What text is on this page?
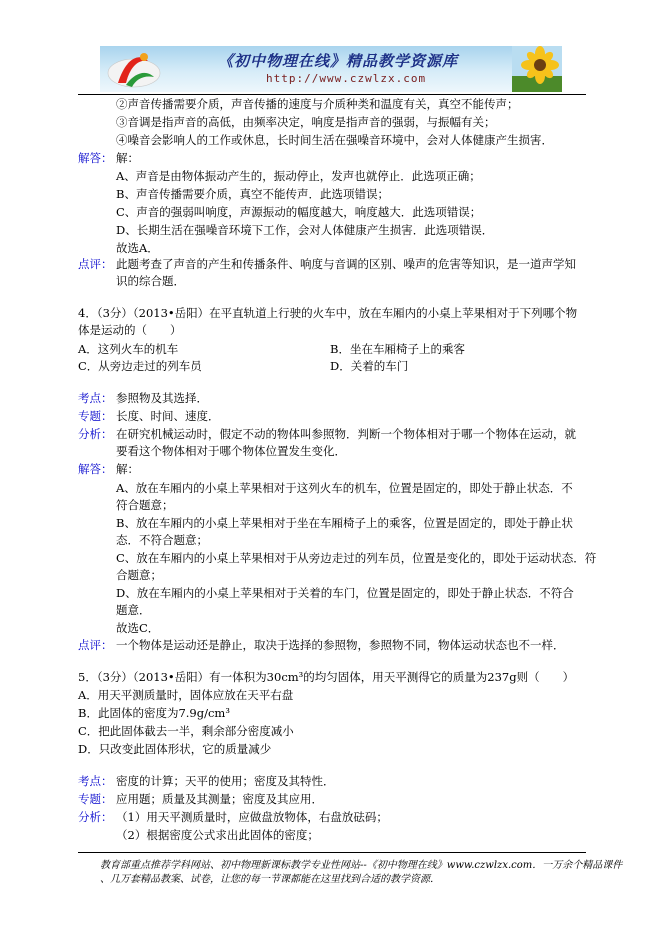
《初中物理在线》精品教学资源库
http://www.czwlzx.com
②声音传播需要介质，声音传播的速度与介质种类和温度有关，真空不能传声；
③音调是指声音的高低，由频率决定，响度是指声音的强弱，与振幅有关；
④噪音会影响人的工作或休息，长时间生活在强噪音环境中，会对人体健康产生损害．
解答： 解：
A、声音是由物体振动产生的，振动停止，发声也就停止．此选项正确；
B、声音传播需要介质，真空不能传声．此选项错误；
C、声音的强弱叫响度，声源振动的幅度越大，响度越大．此选项错误；
D、长期生活在强噪音环境下工作，会对人体健康产生损害．此选项错误．
故选A．
点评： 此题考查了声音的产生和传播条件、响度与音调的区别、噪声的危害等知识，是一道声学知
识的综合题．
4．（3分）（2013•岳阳）在平直轨道上行驶的火车中，放在车厢内的小桌上苹果相对于下列哪个物
体是运动的（　　）
A．这列火车的机车	B．坐在车厢椅子上的乘客
C．从旁边走过的列车员	D．关着的车门
考点： 参照物及其选择．
专题： 长度、时间、速度．
分析： 在研究机械运动时，假定不动的物体叫参照物．判断一个物体相对于哪一个物体在运动，就
要看这个物体相对于哪个物体位置发生变化．
解答： 解：
A、放在车厢内的小桌上苹果相对于这列火车的机车，位置是固定的，即处于静止状态．不
符合题意；
B、放在车厢内的小桌上苹果相对于坐在车厢椅子上的乘客，位置是固定的，即处于静止状
态．不符合题意；
C、放在车厢内的小桌上苹果相对于从旁边走过的列车员，位置是变化的，即处于运动状态．符
合题意；
D、放在车厢内的小桌上苹果相对于关着的车门，位置是固定的，即处于静止状态．不符合
题意．
故选C．
点评： 一个物体是运动还是静止，取决于选择的参照物，参照物不同，物体运动状态也不一样．
5．（3分）（2013•岳阳）有一体积为30cm³的均匀固体，用天平测得它的质量为237g则（　　）
A．用天平测质量时，固体应放在天平右盘
B．此固体的密度为7.9g/cm³
C．把此固体截去一半，剩余部分密度减小
D．只改变此固体形状，它的质量减少
考点： 密度的计算；天平的使用；密度及其特性．
专题： 应用题；质量及其测量；密度及其应用．
分析： （1）用天平测质量时，应做盘放物体，右盘放砝码；
（2）根据密度公式求出此固体的密度；
教育部重点推荐学科网站、初中物理新课标教学专业性网站--《初中物理在线》www.czwlzx.com．一万余个精品课件
、几万套精品教案、试卷，让您的每一节课都能在这里找到合适的教学资源．
